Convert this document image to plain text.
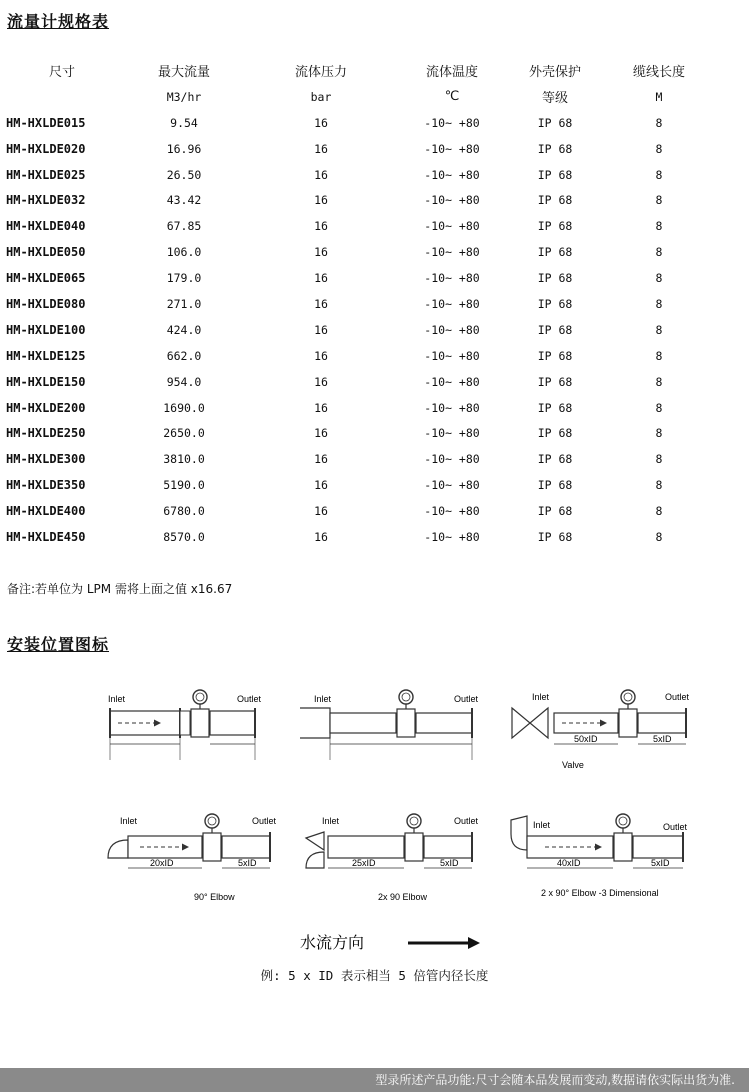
流量计规格表
尺寸	最大流量	流体压力	流体温度	外壳保护	缆线长度
	M3/hr	bar	℃	等级	M
HM-HXLDE015	9.54	16	-10~ +80	IP 68	8
HM-HXLDE020	16.96	16	-10~ +80	IP 68	8
HM-HXLDE025	26.50	16	-10~ +80	IP 68	8
HM-HXLDE032	43.42	16	-10~ +80	IP 68	8
HM-HXLDE040	67.85	16	-10~ +80	IP 68	8
HM-HXLDE050	106.0	16	-10~ +80	IP 68	8
HM-HXLDE065	179.0	16	-10~ +80	IP 68	8
HM-HXLDE080	271.0	16	-10~ +80	IP 68	8
HM-HXLDE100	424.0	16	-10~ +80	IP 68	8
HM-HXLDE125	662.0	16	-10~ +80	IP 68	8
HM-HXLDE150	954.0	16	-10~ +80	IP 68	8
HM-HXLDE200	1690.0	16	-10~ +80	IP 68	8
HM-HXLDE250	2650.0	16	-10~ +80	IP 68	8
HM-HXLDE300	3810.0	16	-10~ +80	IP 68	8
HM-HXLDE350	5190.0	16	-10~ +80	IP 68	8
HM-HXLDE400	6780.0	16	-10~ +80	IP 68	8
HM-HXLDE450	8570.0	16	-10~ +80	IP 68	8
备注:若单位为 LPM 需将上面之值 x16.67
安装位置图标
Inlet	Outlet	Inlet	Outlet	Inlet	Outlet
50xID	5xID
Valve
Inlet	Outlet
20xID	5xID
90° Elbow
Inlet	Outlet
25xID	5xID
2x 90 Elbow
Inlet	Outlet
40xID	5xID
2 x 90° Elbow -3 Dimensional
水流方向
例: 5 x ID 表示相当 5 倍管内径长度
型录所述产品功能:尺寸会随本品发展而变动,数据请依实际出货为准.
